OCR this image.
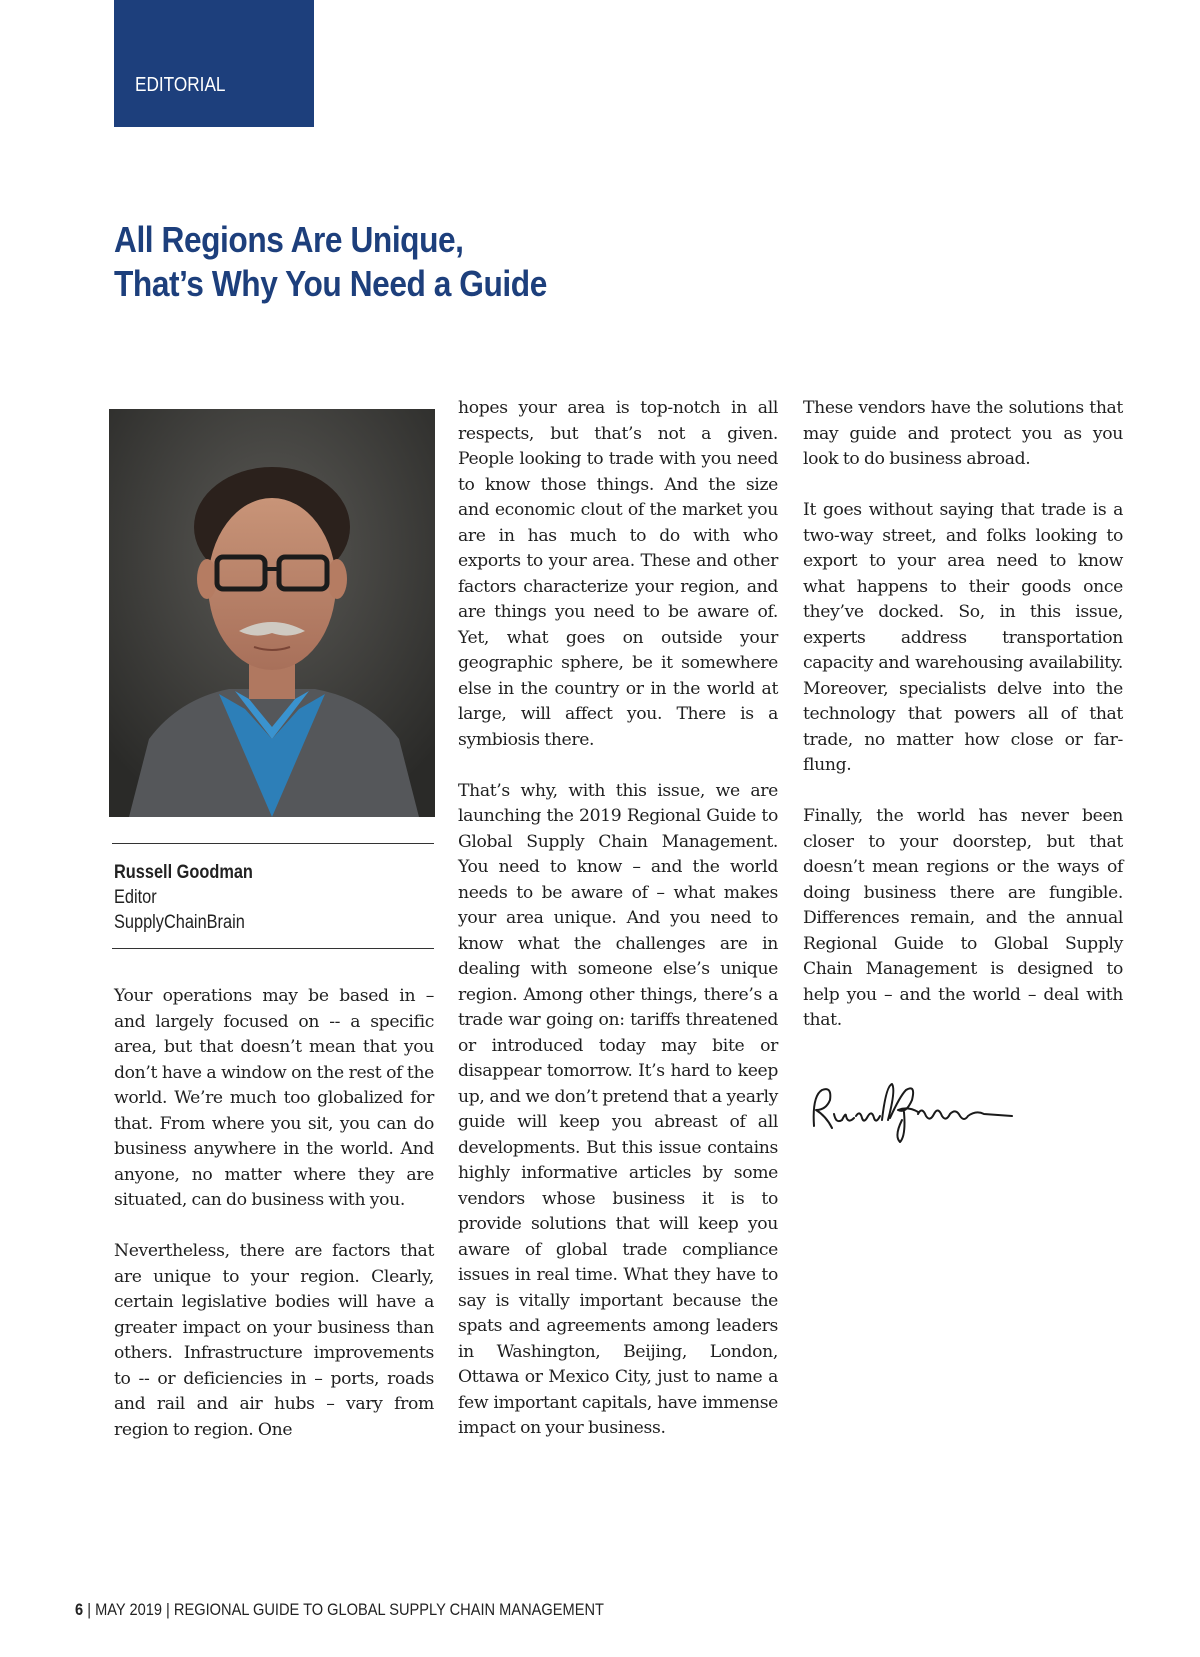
EDITORIAL
All Regions Are Unique,
That’s Why You Need a Guide
Russell Goodman
Editor
SupplyChainBrain

Your operations may be based in – and largely focused on -- a specific area, but that doesn’t mean that you don’t have a window on the rest of the world. We’re much too globalized for that. From where you sit, you can do business anywhere in the world. And anyone, no matter where they are situated, can do business with you.

Nevertheless, there are factors that are unique to your region. Clearly, certain legislative bodies will have a greater impact on your business than others. Infrastructure improvements to -- or deficiencies in – ports, roads and rail and air hubs – vary from region to region. One

hopes your area is top-notch in all respects, but that’s not a given. People looking to trade with you need to know those things. And the size and economic clout of the market you are in has much to do with who exports to your area. These and other factors characterize your region, and are things you need to be aware of. Yet, what goes on outside your geographic sphere, be it somewhere else in the country or in the world at large, will affect you. There is a symbiosis there.

That’s why, with this issue, we are launching the 2019 Regional Guide to Global Supply Chain Management. You need to know – and the world needs to be aware of – what makes your area unique. And you need to know what the challenges are in dealing with someone else’s unique region. Among other things, there’s a trade war going on: tariffs threatened or introduced today may bite or disappear tomorrow. It’s hard to keep up, and we don’t pretend that a yearly guide will keep you abreast of all developments. But this issue contains highly informative articles by some vendors whose business it is to provide solutions that will keep you aware of global trade compliance issues in real time. What they have to say is vitally important because the spats and agreements among leaders in Washington, Beijing, London, Ottawa or Mexico City, just to name a few important capitals, have immense impact on your business.

These vendors have the solutions that may guide and protect you as you look to do business abroad.

It goes without saying that trade is a two-way street, and folks looking to export to your area need to know what happens to their goods once they’ve docked. So, in this issue, experts address transportation capacity and warehousing availability. Moreover, specialists delve into the technology that powers all of that trade, no matter how close or far-flung.

Finally, the world has never been closer to your doorstep, but that doesn’t mean regions or the ways of doing business there are fungible. Differences remain, and the annual Regional Guide to Global Supply Chain Management is designed to help you – and the world – deal with that.

6 | MAY 2019 | REGIONAL GUIDE TO GLOBAL SUPPLY CHAIN MANAGEMENT
